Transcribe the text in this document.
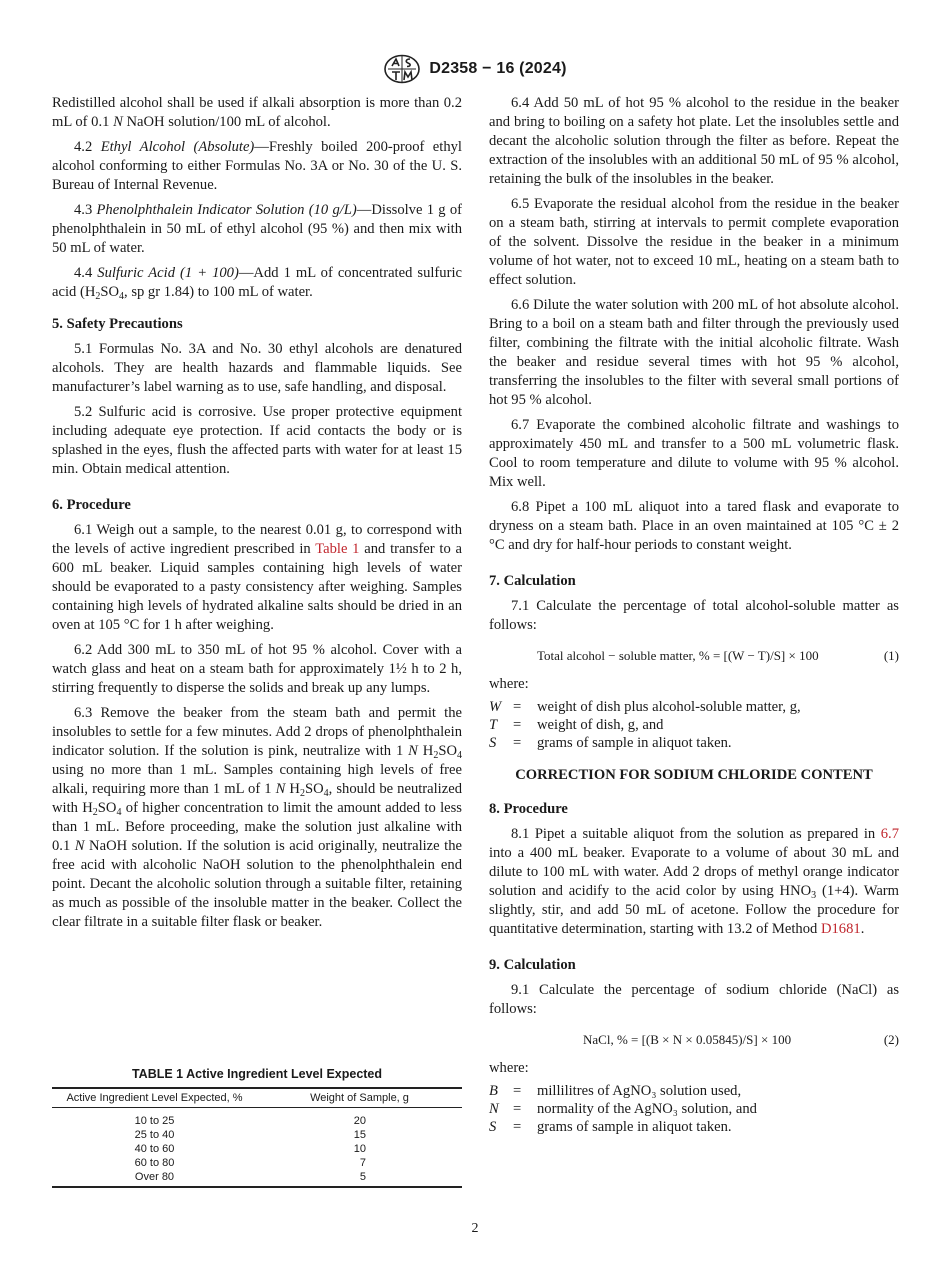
D2358 − 16 (2024)

Redistilled alcohol shall be used if alkali absorption is more than 0.2 mL of 0.1 N NaOH solution/100 mL of alcohol.

4.2 Ethyl Alcohol (Absolute)—Freshly boiled 200-proof ethyl alcohol conforming to either Formulas No. 3A or No. 30 of the U. S. Bureau of Internal Revenue.

4.3 Phenolphthalein Indicator Solution (10 g/L)—Dissolve 1 g of phenolphthalein in 50 mL of ethyl alcohol (95 %) and then mix with 50 mL of water.

4.4 Sulfuric Acid (1 + 100)—Add 1 mL of concentrated sulfuric acid ($H_2SO_4$, sp gr 1.84) to 100 mL of water.

5. Safety Precautions

5.1 Formulas No. 3A and No. 30 ethyl alcohols are denatured alcohols. They are health hazards and flammable liquids. See manufacturer’s label warning as to use, safe handling, and disposal.

5.2 Sulfuric acid is corrosive. Use proper protective equipment including adequate eye protection. If acid contacts the body or is splashed in the eyes, flush the affected parts with water for at least 15 min. Obtain medical attention.

6. Procedure

6.1 Weigh out a sample, to the nearest 0.01 g, to correspond with the levels of active ingredient prescribed in Table 1 and transfer to a 600 mL beaker. Liquid samples containing high levels of water should be evaporated to a pasty consistency after weighing. Samples containing high levels of hydrated alkaline salts should be dried in an oven at 105 °C for 1 h after weighing.

6.2 Add 300 mL to 350 mL of hot 95 % alcohol. Cover with a watch glass and heat on a steam bath for approximately 1½ h to 2 h, stirring frequently to disperse the solids and break up any lumps.

6.3 Remove the beaker from the steam bath and permit the insolubles to settle for a few minutes. Add 2 drops of phenolphthalein indicator solution. If the solution is pink, neutralize with 1 N $H_2SO_4$ using no more than 1 mL. Samples containing high levels of free alkali, requiring more than 1 mL of 1 N $H_2SO_4$, should be neutralized with $H_2SO_4$ of higher concentration to limit the amount added to less than 1 mL. Before proceeding, make the solution just alkaline with 0.1 N NaOH solution. If the solution is acid originally, neutralize the free acid with alcoholic NaOH solution to the phenolphthalein end point. Decant the alcoholic solution through a suitable filter, retaining as much as possible of the insoluble matter in the beaker. Collect the clear filtrate in a suitable filter flask or beaker.

TABLE 1 Active Ingredient Level Expected
Active Ingredient Level Expected, %	Weight of Sample, g
10 to 25	20
25 to 40	15
40 to 60	10
60 to 80	7
Over 80	5

6.4 Add 50 mL of hot 95 % alcohol to the residue in the beaker and bring to boiling on a safety hot plate. Let the insolubles settle and decant the alcoholic solution through the filter as before. Repeat the extraction of the insolubles with an additional 50 mL of 95 % alcohol, retaining the bulk of the insolubles in the beaker.

6.5 Evaporate the residual alcohol from the residue in the beaker on a steam bath, stirring at intervals to permit complete evaporation of the solvent. Dissolve the residue in the beaker in a minimum volume of hot water, not to exceed 10 mL, heating on a steam bath to effect solution.

6.6 Dilute the water solution with 200 mL of hot absolute alcohol. Bring to a boil on a steam bath and filter through the previously used filter, combining the filtrate with the initial alcoholic filtrate. Wash the beaker and residue several times with hot 95 % alcohol, transferring the insolubles to the filter with several small portions of hot 95 % alcohol.

6.7 Evaporate the combined alcoholic filtrate and washings to approximately 450 mL and transfer to a 500 mL volumetric flask. Cool to room temperature and dilute to volume with 95 % alcohol. Mix well.

6.8 Pipet a 100 mL aliquot into a tared flask and evaporate to dryness on a steam bath. Place in an oven maintained at 105 °C ± 2 °C and dry for half-hour periods to constant weight.

7. Calculation

7.1 Calculate the percentage of total alcohol-soluble matter as follows:

Total alcohol − soluble matter, % = [(W − T)/S] × 100	(1)

where:

W =	weight of dish plus alcohol-soluble matter, g,
T	=	weight of dish, g, and
S	=	grams of sample in aliquot taken.
CORRECTION FOR SODIUM CHLORIDE CONTENT
8. Procedure

8.1 Pipet a suitable aliquot from the solution as prepared in 6.7 into a 400 mL beaker. Evaporate to a volume of about 30 mL and dilute to 100 mL with water. Add 2 drops of methyl orange indicator solution and acidify to the acid color by using $HNO_3$ (1+4). Warm slightly, stir, and add 50 mL of acetone. Follow the procedure for quantitative determination, starting with 13.2 of Method D1681.

9. Calculation

9.1 Calculate the percentage of sodium chloride (NaCl) as follows:

NaCl, % = [(B × N × 0.05845)/S] × 100	(2)

where:

B	=	millilitres of AgNO₃ solution used,
N =	normality of the AgNO₃ solution, and
S	=	grams of sample in aliquot taken.
2
